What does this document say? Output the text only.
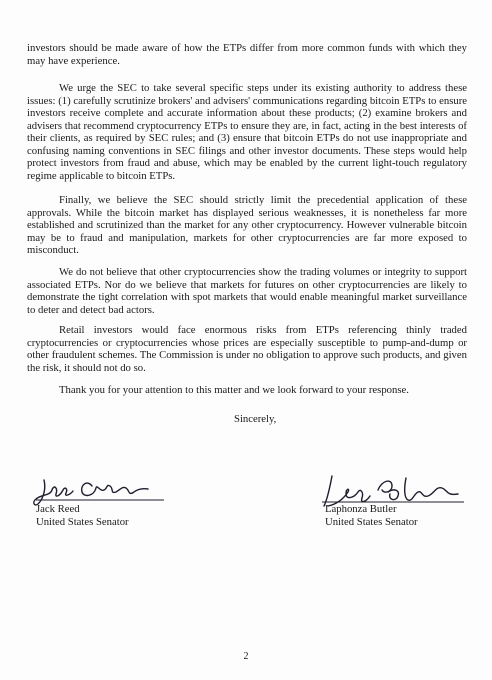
investors should be made aware of how the ETPs differ from more common funds with which they may have experience.

We urge the SEC to take several specific steps under its existing authority to address these issues: (1) carefully scrutinize brokers' and advisers' communications regarding bitcoin ETPs to ensure investors receive complete and accurate information about these products; (2) examine brokers and advisers that recommend cryptocurrency ETPs to ensure they are, in fact, acting in the best interests of their clients, as required by SEC rules; and (3) ensure that bitcoin ETPs do not use inappropriate and confusing naming conventions in SEC filings and other investor documents. These steps would help protect investors from fraud and abuse, which may be enabled by the current light-touch regulatory regime applicable to bitcoin ETPs.

Finally, we believe the SEC should strictly limit the precedential application of these approvals. While the bitcoin market has displayed serious weaknesses, it is nonetheless far more established and scrutinized than the market for any other cryptocurrency. However vulnerable bitcoin may be to fraud and manipulation, markets for other cryptocurrencies are far more exposed to misconduct.

We do not believe that other cryptocurrencies show the trading volumes or integrity to support associated ETPs. Nor do we believe that markets for futures on other cryptocurrencies are likely to demonstrate the tight correlation with spot markets that would enable meaningful market surveillance to deter and detect bad actors.

Retail investors would face enormous risks from ETPs referencing thinly traded cryptocurrencies or cryptocurrencies whose prices are especially susceptible to pump-and-dump or other fraudulent schemes. The Commission is under no obligation to approve such products, and given the risk, it should not do so.

Thank you for your attention to this matter and we look forward to your response.

Sincerely,
Jack Reed
United States Senator
Laphonza Butler
United States Senator
2
